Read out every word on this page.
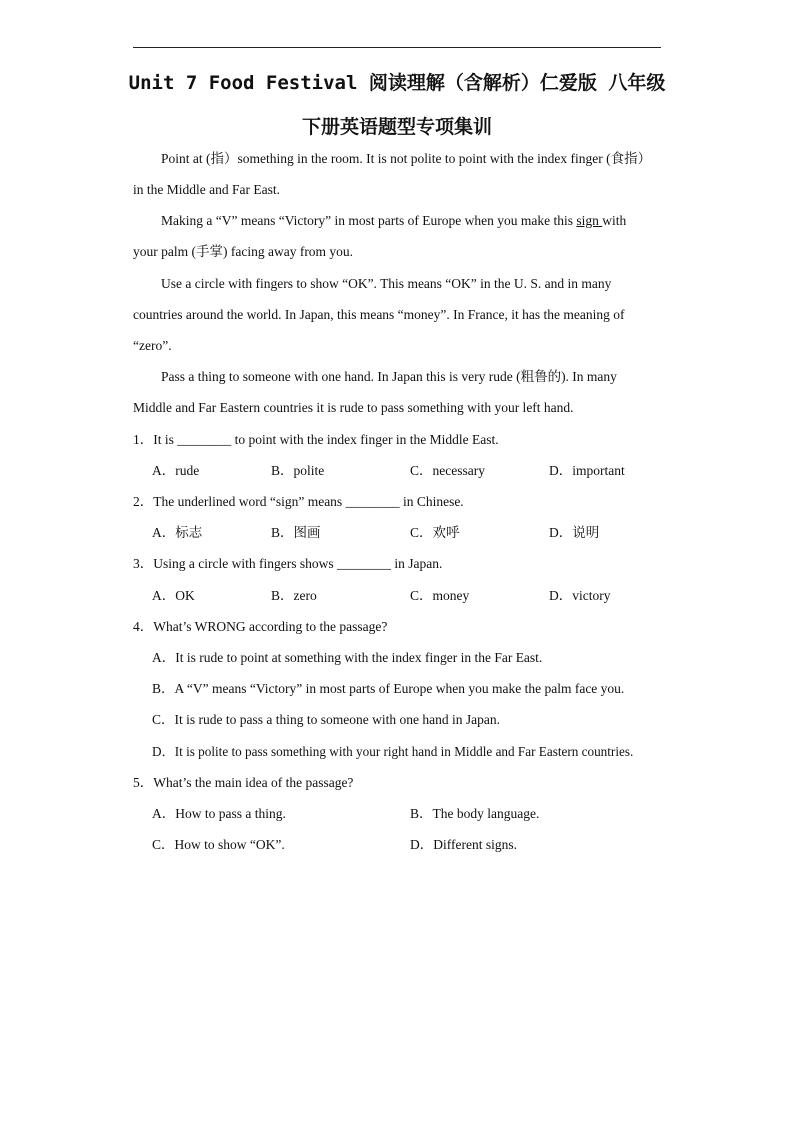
Unit 7 Food Festival 阅读理解（含解析）仁爱版 八年级
下册英语题型专项集训
Point at (指）something in the room. It is not polite to point with the index finger (食指）
in the Middle and Far East.
Making a “V” means “Victory” in most parts of Europe when you make this sign with
your palm (手掌) facing away from you.
Use a circle with fingers to show “OK”. This means “OK” in the U. S. and in many
countries around the world. In Japan, this means “money”. In France, it has the meaning of
“zero”.
Pass a thing to someone with one hand. In Japan this is very rude (粗鲁的). In many
Middle and Far Eastern countries it is rude to pass something with your left hand.
1．It is ________ to point with the index finger in the Middle East.
A．rude	B．polite	C．necessary	D．important
2．The underlined word “sign” means ________ in Chinese.
A．标志	B．图画	C．欢呼	D．说明
3．Using a circle with fingers shows ________ in Japan.
A．OK	B．zero	C．money	D．victory
4．What’s WRONG according to the passage?
A．It is rude to point at something with the index finger in the Far East.
B．A “V” means “Victory” in most parts of Europe when you make the palm face you.
C．It is rude to pass a thing to someone with one hand in Japan.
D．It is polite to pass something with your right hand in Middle and Far Eastern countries.
5．What’s the main idea of the passage?
A．How to pass a thing.	B．The body language.
C．How to show “OK”.	D．Different signs.
